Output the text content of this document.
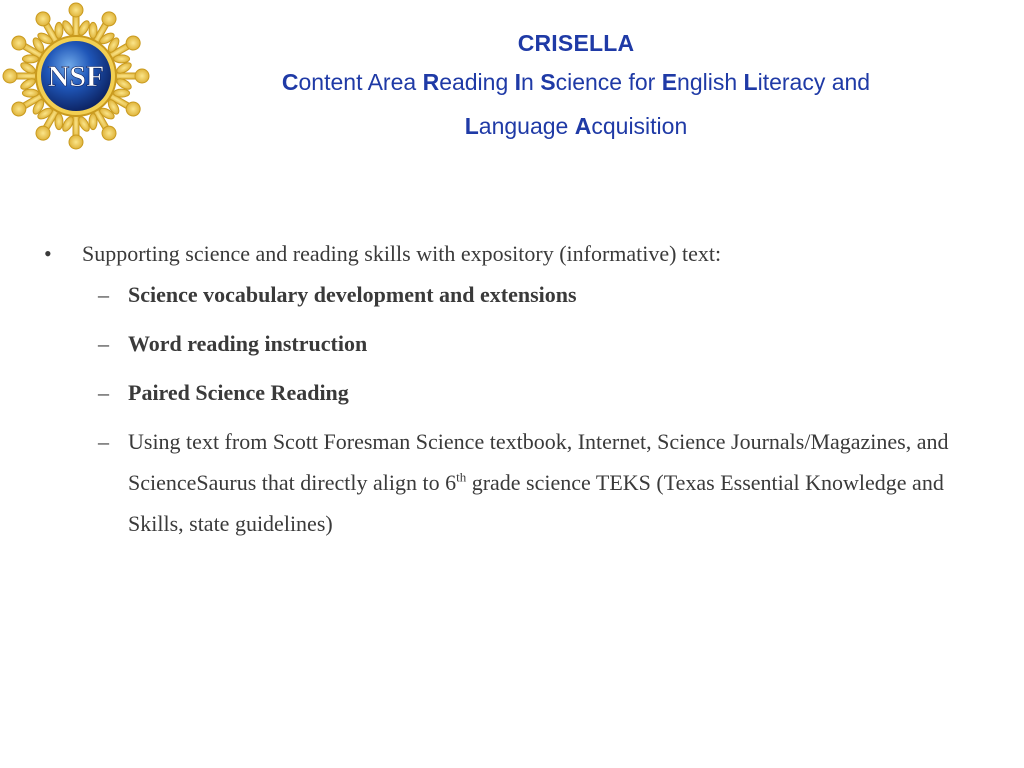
NSF
CRISELLA
Content Area Reading In Science for English Literacy and
Language Acquisition
•	Supporting science and reading skills with expository (informative) text:
– Science vocabulary development and extensions
– Word reading instruction
– Paired Science Reading
– Using text from Scott Foresman Science textbook, Internet, Science Journals/Magazines, and ScienceSaurus that directly align to 6th grade science TEKS (Texas Essential Knowledge and Skills, state guidelines)
